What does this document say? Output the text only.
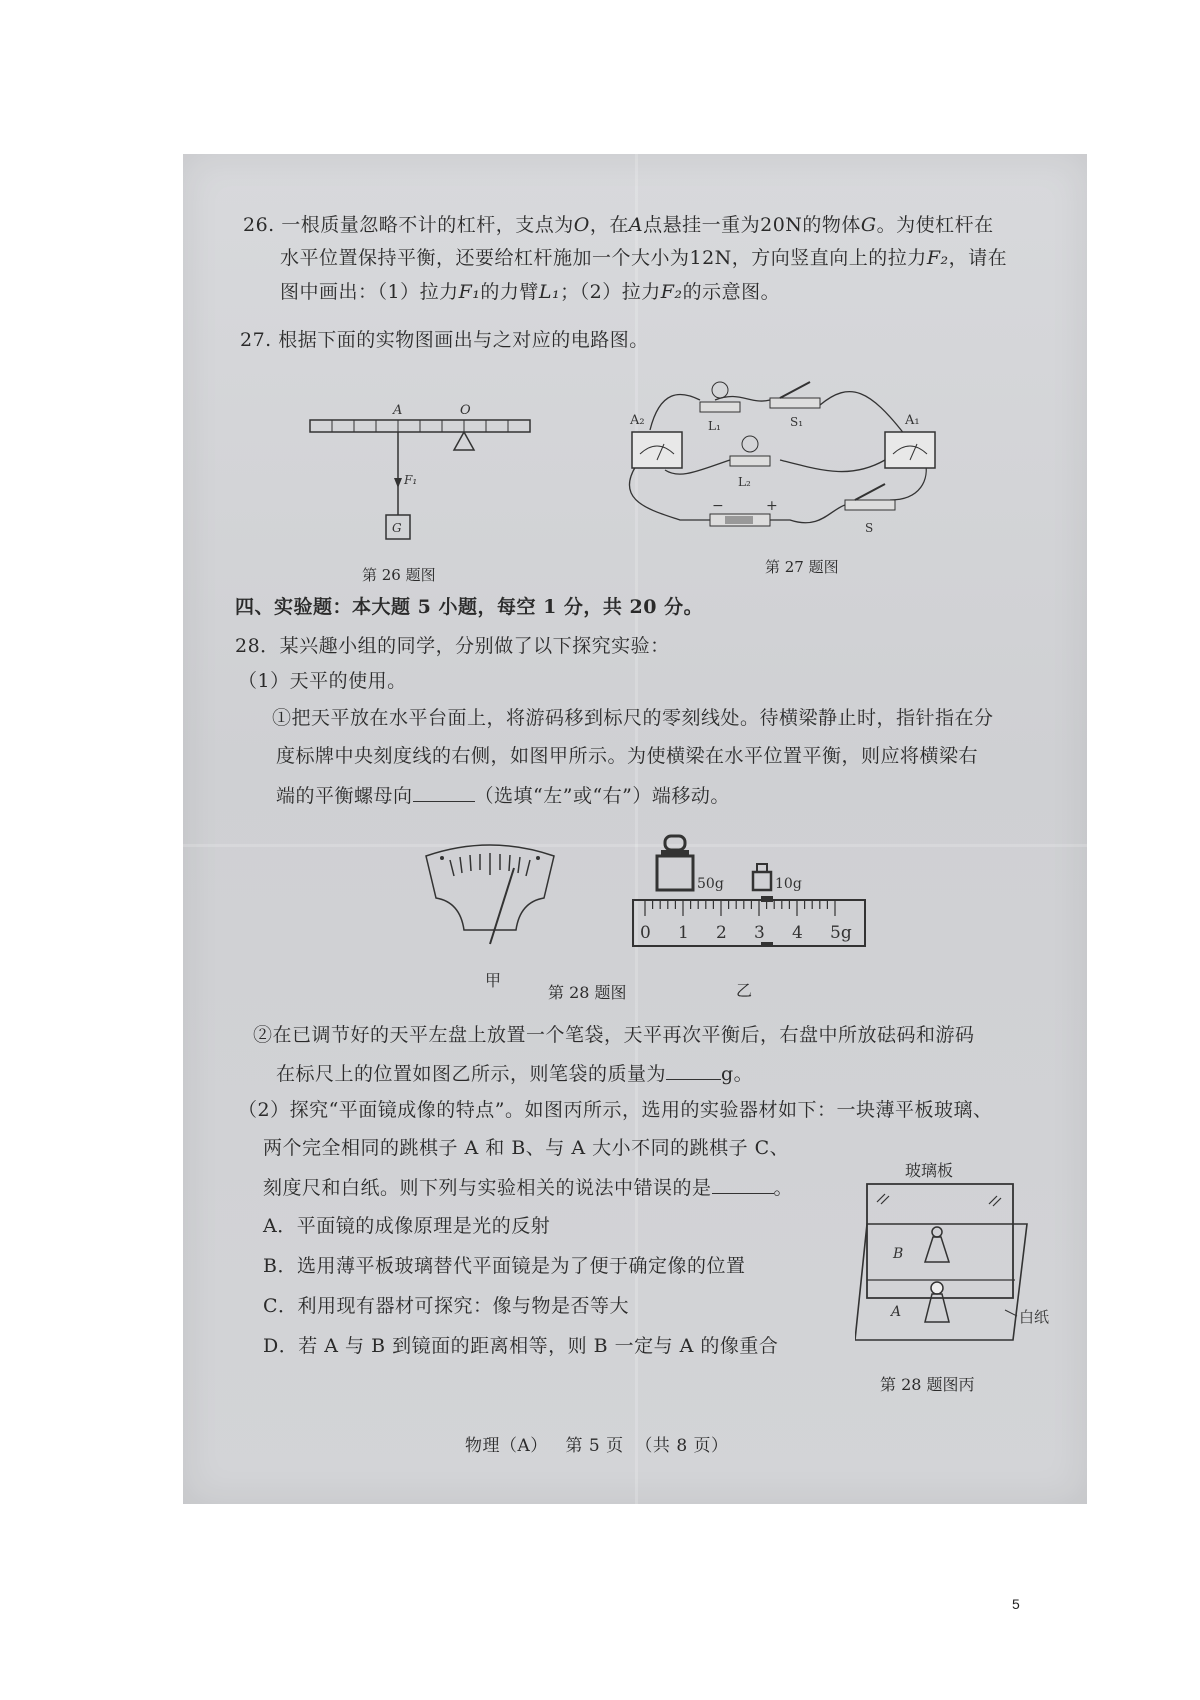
26. 一根质量忽略不计的杠杆，支点为O，在A点悬挂一重为20N的物体G。为使杠杆在
水平位置保持平衡，还要给杠杆施加一个大小为12N，方向竖直向上的拉力F₂，请在
图中画出：（1）拉力F₁的力臂L₁；（2）拉力F₂的示意图。
27. 根据下面的实物图画出与之对应的电路图。
A	O
F₁
G
第 26 题图
A₂	A₁
L₁
L₂
S₁
−	+
S
第 27 题图
四、实验题：本大题 5 小题，每空 1 分，共 20 分。
28．某兴趣小组的同学，分别做了以下探究实验：
（1）天平的使用。
①把天平放在水平台面上，将游码移到标尺的零刻线处。待横梁静止时，指针指在分
度标牌中央刻度线的右侧，如图甲所示。为使横梁在水平位置平衡，则应将横梁右
端的平衡螺母向	（选填“左”或“右”）端移动。
甲
50g	10g
0 1 2 3 4 5g
第 28 题图	乙
②在已调节好的天平左盘上放置一个笔袋，天平再次平衡后，右盘中所放砝码和游码
在标尺上的位置如图乙所示，则笔袋的质量为	g。
（2）探究“平面镜成像的特点”。如图丙所示，选用的实验器材如下：一块薄平板玻璃、
两个完全相同的跳棋子 A 和 B、与 A 大小不同的跳棋子 C、
刻度尺和白纸。则下列与实验相关的说法中错误的是	。
A．平面镜的成像原理是光的反射
B．选用薄平板玻璃替代平面镜是为了便于确定像的位置
C．利用现有器材可探究：像与物是否等大
D．若 A 与 B 到镜面的距离相等，则 B 一定与 A 的像重合
玻璃板
B
A	白纸
第 28 题图丙
物理（A）   第 5 页  （共 8 页）
5
